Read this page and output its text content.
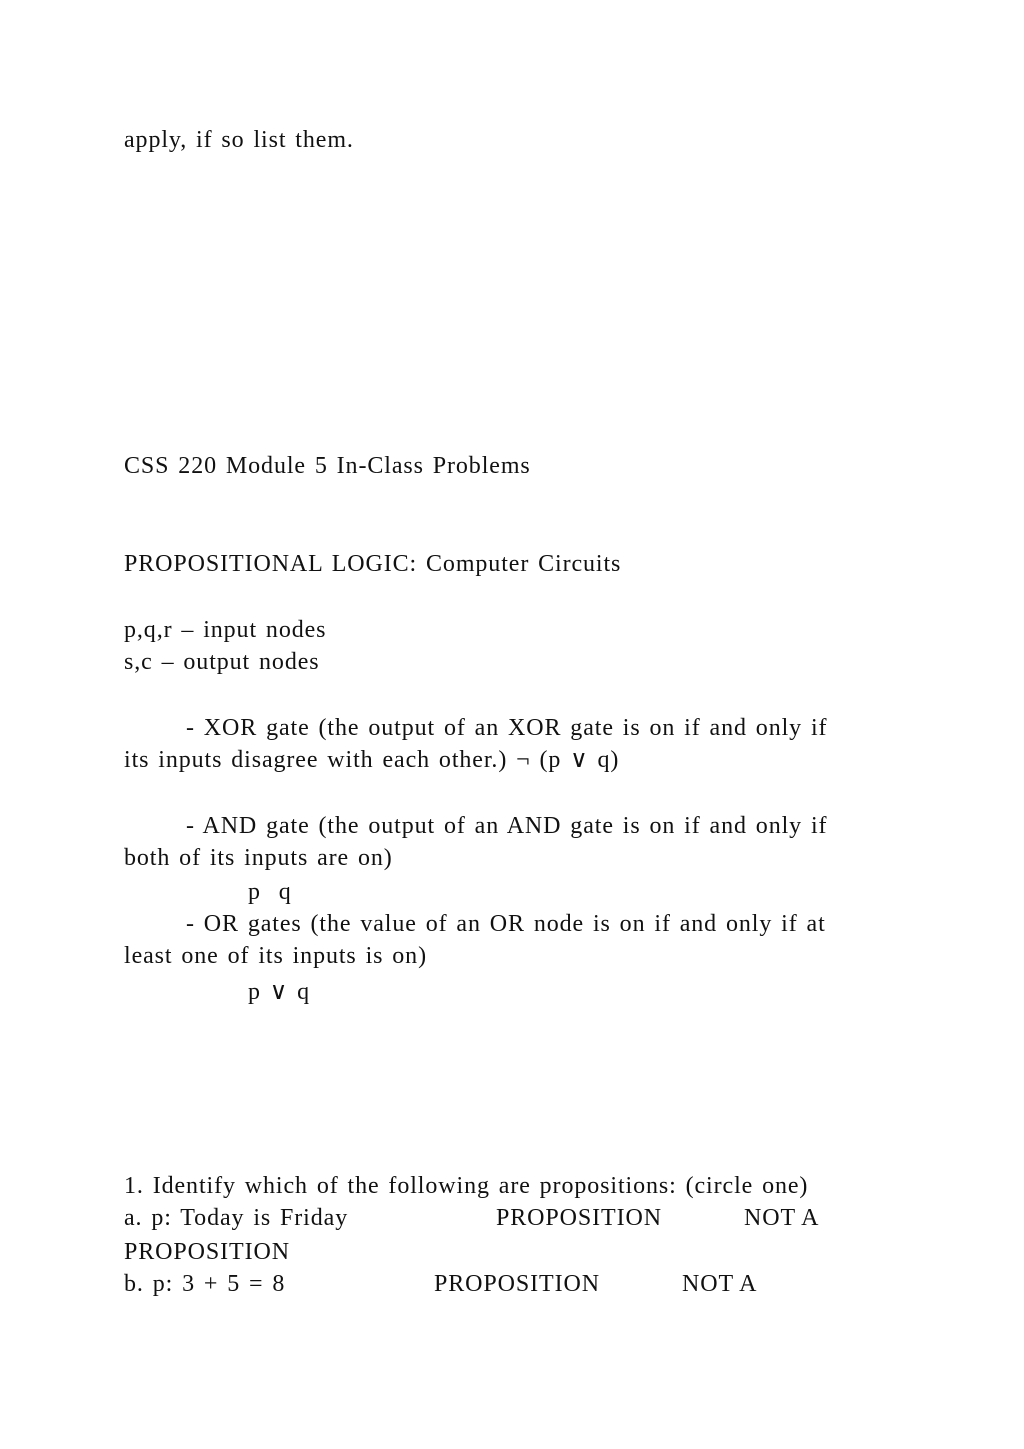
apply, if so list them.

CSS 220 Module 5 In-Class Problems

PROPOSITIONAL LOGIC: Computer Circuits

p,q,r – input nodes

s,c – output nodes

- XOR gate (the output of an XOR gate is on if and only if

its inputs disagree with each other.) ¬ (p ∨ q)

- AND gate (the output of an AND gate is on if and only if

both of its inputs are on)

p  q

- OR gates (the value of an OR node is on if and only if at

least one of its inputs is on)

p ∨ q

1. Identify which of the following are propositions: (circle one)

a. p: Today is Friday	PROPOSITION	NOT A

PROPOSITION

b. p: 3 + 5 = 8	PROPOSITION	NOT A
